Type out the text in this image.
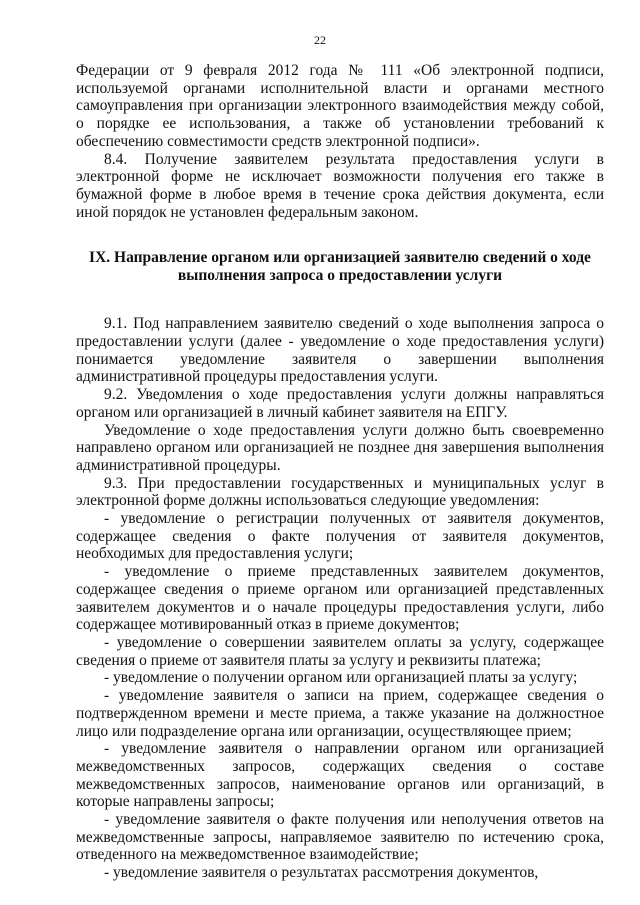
22

Федерации от 9 февраля 2012 года № 111 «Об электронной подписи, используемой органами исполнительной власти и органами местного самоуправления при организации электронного взаимодействия между собой, о порядке ее использования, а также об установлении требований к обеспечению совместимости средств электронной подписи».

8.4. Получение заявителем результата предоставления услуги в электронной форме не исключает возможности получения его также в бумажной форме в любое время в течение срока действия документа, если иной порядок не установлен федеральным законом.

IX. Направление органом или организацией заявителю сведений о ходе
выполнения запроса о предоставлении услуги

9.1. Под направлением заявителю сведений о ходе выполнения запроса о предоставлении услуги (далее - уведомление о ходе предоставления услуги) понимается уведомление заявителя о завершении выполнения административной процедуры предоставления услуги.

9.2. Уведомления о ходе предоставления услуги должны направляться органом или организацией в личный кабинет заявителя на ЕПГУ.

Уведомление о ходе предоставления услуги должно быть своевременно направлено органом или организацией не позднее дня завершения выполнения административной процедуры.

9.3. При предоставлении государственных и муниципальных услуг в электронной форме должны использоваться следующие уведомления:

- уведомление о регистрации полученных от заявителя документов, содержащее сведения о факте получения от заявителя документов, необходимых для предоставления услуги;

- уведомление о приеме представленных заявителем документов, содержащее сведения о приеме органом или организацией представленных заявителем документов и о начале процедуры предоставления услуги, либо содержащее мотивированный отказ в приеме документов;

- уведомление о совершении заявителем оплаты за услугу, содержащее сведения о приеме от заявителя платы за услугу и реквизиты платежа;

- уведомление о получении органом или организацией платы за услугу;

- уведомление заявителя о записи на прием, содержащее сведения о подтвержденном времени и месте приема, а также указание на должностное лицо или подразделение органа или организации, осуществляющее прием;

- уведомление заявителя о направлении органом или организацией межведомственных запросов, содержащих сведения о составе межведомственных запросов, наименование органов или организаций, в которые направлены запросы;

- уведомление заявителя о факте получения или неполучения ответов на межведомственные запросы, направляемое заявителю по истечению срока, отведенного на межведомственное взаимодействие;

- уведомление заявителя о результатах рассмотрения документов,
